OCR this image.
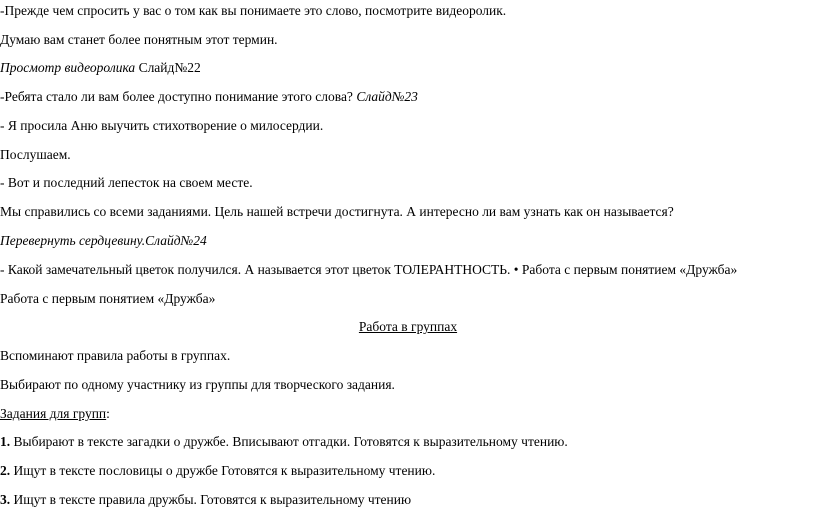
-Прежде чем спросить у вас о том как вы понимаете это слово, посмотрите видеоролик.
Думаю вам станет более понятным этот термин.
Просмотр видеоролика Слайд№22
-Ребята стало ли вам более доступно понимание этого слова? Слайд№23
- Я просила Аню выучить стихотворение о милосердии.
Послушаем.
- Вот и последний лепесток на своем месте.
Мы справились со всеми заданиями. Цель нашей встречи достигнута. А интересно ли вам узнать как он называется?
Перевернуть сердцевину.Слайд№24
- Какой замечательный цветок получился. А называется этот цветок ТОЛЕРАНТНОСТЬ. • Работа с первым понятием «Дружба»
Работа с первым понятием «Дружба»
Работа в группах
Вспоминают правила работы в группах.
Выбирают по одному участнику из группы для творческого задания.
Задания для групп:
1. Выбирают в тексте загадки о дружбе. Вписывают отгадки. Готовятся к выразительному чтению.
2. Ищут в тексте пословицы о дружбе Готовятся к выразительному чтению.
3. Ищут в тексте правила дружбы. Готовятся к выразительному чтению
